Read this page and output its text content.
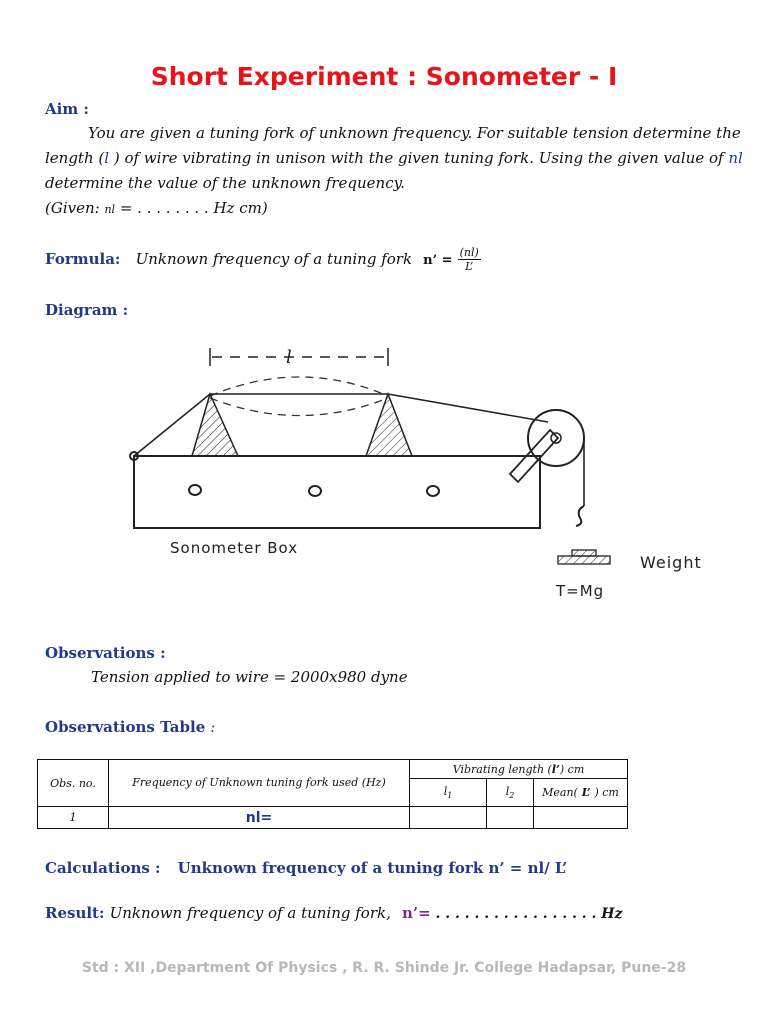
Short Experiment : Sonometer - I
Aim :
You are given a tuning fork of unknown frequency. For suitable tension determine the
length (l ) of wire vibrating in unison with the given tuning fork. Using the given value of nl
determine the value of the unknown frequency.
(Given: nl = . . . . . . . . Hz cm)
Formula: Unknown frequency of a tuning fork n’ = $\frac{(nl)}{L’}$
Diagram :
l
Sonometer Box
Weight
T=Mg
Observations :
Tension applied to wire = 2000x980 dyne
Observations Table :
Obs. no.	Frequency of Unknown tuning fork used (Hz)	Vibrating length (l’) cm		
		$l_1$	$l_2$	Mean( L’ ) cm
1	nl=			
Calculations : Unknown frequency of a tuning fork n’ = nl/ L’
Result: Unknown frequency of a tuning fork, n’= . . . . . . . . . . . . . . . . . Hz
Std : XII ,Department Of Physics , R. R. Shinde Jr. College Hadapsar, Pune-28
